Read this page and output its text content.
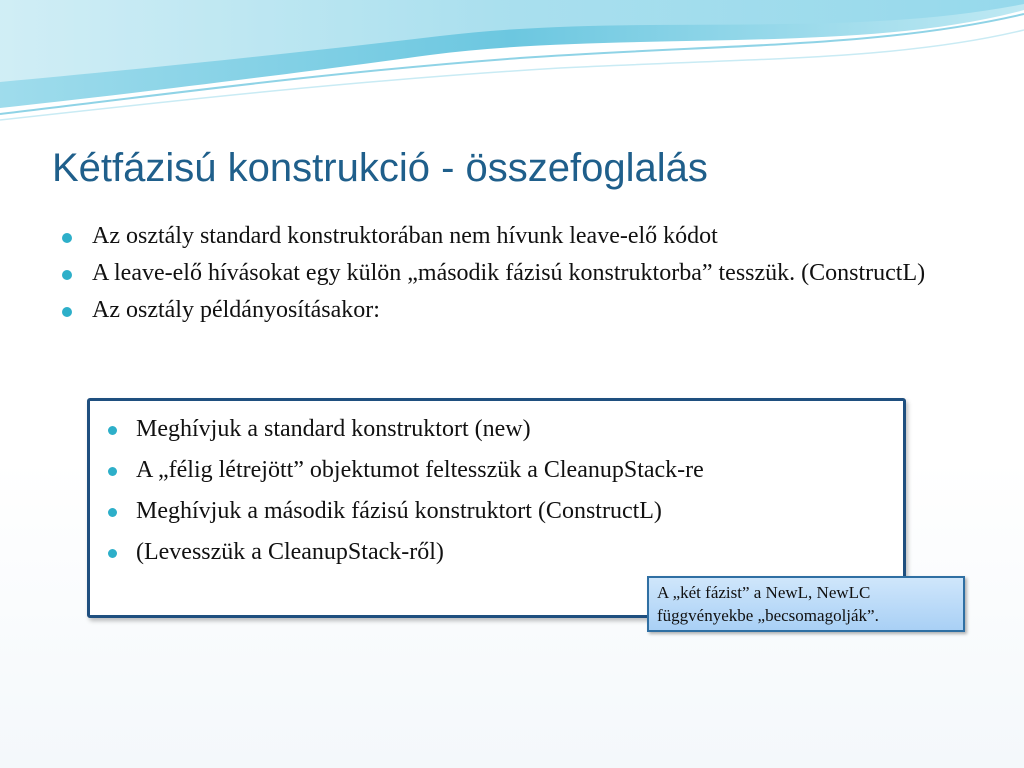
Kétfázisú konstrukció - összefoglalás
Az osztály standard konstruktorában nem hívunk leave-elő kódot
A leave-elő hívásokat egy külön „második fázisú konstruktorba” tesszük. (ConstructL)
Az osztály példányosításakor:
Meghívjuk a standard konstruktort (new)
A „félig létrejött” objektumot feltesszük a CleanupStack-re
Meghívjuk a második fázisú konstruktort (ConstructL)
(Levesszük a CleanupStack-ről)
A „két fázist” a NewL, NewLC
függvényekbe „becsomagolják”.
